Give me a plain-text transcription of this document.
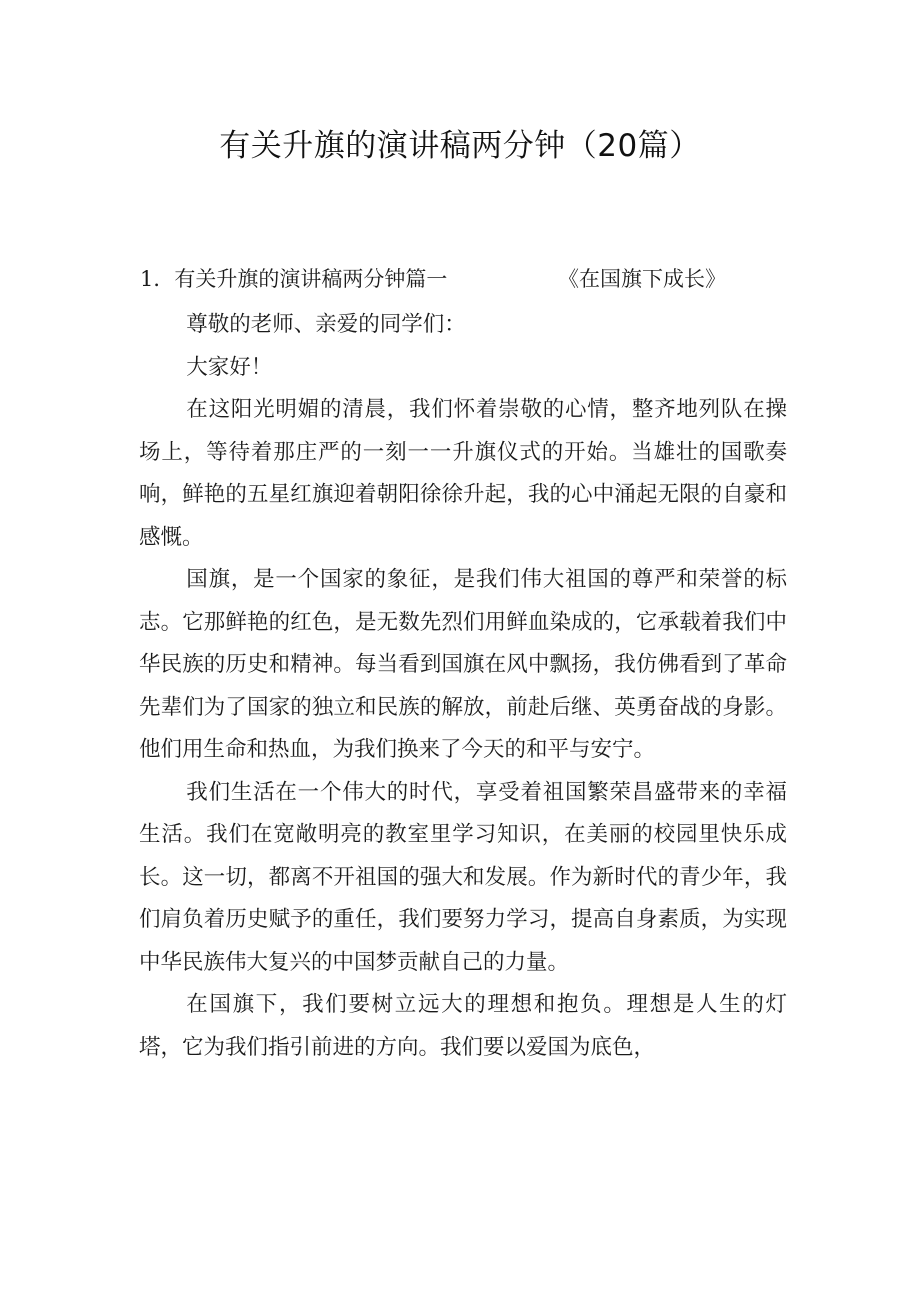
有关升旗的演讲稿两分钟（20篇）
1．有关升旗的演讲稿两分钟篇一	《在国旗下成长》

尊敬的老师、亲爱的同学们：

大家好！

在这阳光明媚的清晨，我们怀着崇敬的心情，整齐地列队在操场上，等待着那庄严的一刻一一升旗仪式的开始。当雄壮的国歌奏响，鲜艳的五星红旗迎着朝阳徐徐升起，我的心中涌起无限的自豪和感慨。

国旗，是一个国家的象征，是我们伟大祖国的尊严和荣誉的标志。它那鲜艳的红色，是无数先烈们用鲜血染成的，它承载着我们中华民族的历史和精神。每当看到国旗在风中飘扬，我仿佛看到了革命先辈们为了国家的独立和民族的解放，前赴后继、英勇奋战的身影。他们用生命和热血，为我们换来了今天的和平与安宁。

我们生活在一个伟大的时代，享受着祖国繁荣昌盛带来的幸福生活。我们在宽敞明亮的教室里学习知识，在美丽的校园里快乐成长。这一切，都离不开祖国的强大和发展。作为新时代的青少年，我们肩负着历史赋予的重任，我们要努力学习，提高自身素质，为实现中华民族伟大复兴的中国梦贡献自己的力量。

在国旗下，我们要树立远大的理想和抱负。理想是人生的灯塔，它为我们指引前进的方向。我们要以爱国为底色，
